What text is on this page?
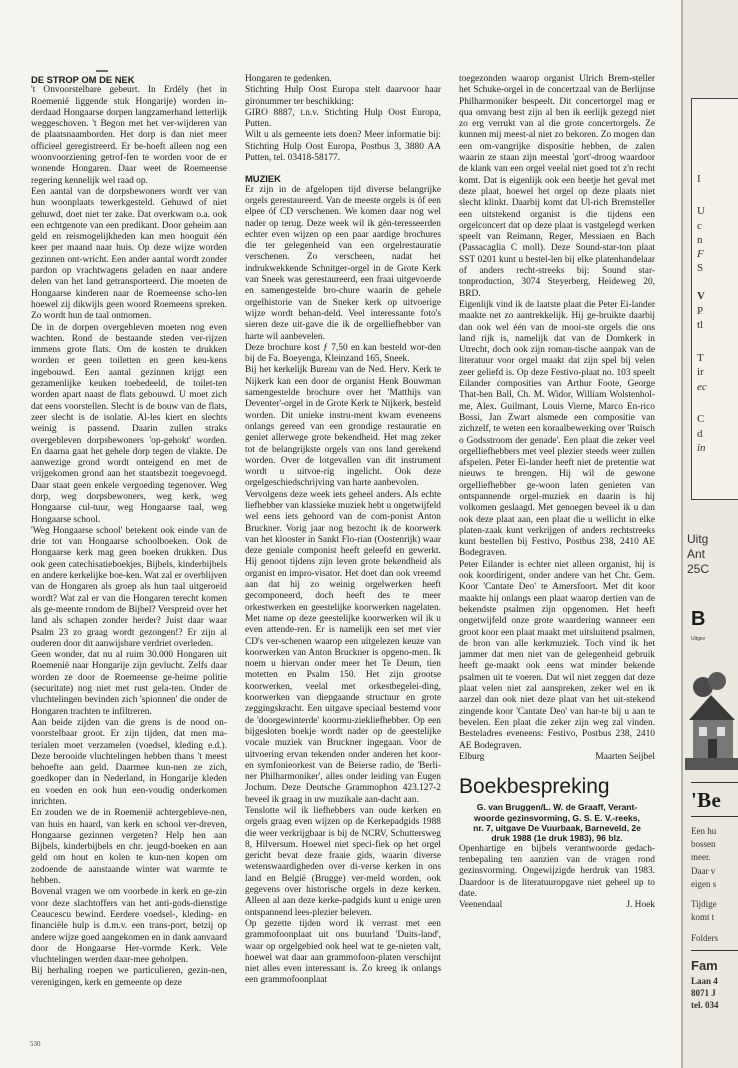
DE STROP OM DE NEK

't Onvoorstelbare gebeurt. In Erdély (het in Roemenië liggende stuk Hongarije) worden in-derdaad Hongaarse dorpen langzamerhand letterlijk weggeschoven. 't Begon met het ver-wijderen van de plaatsnaamborden. Het dorp is dan niet meer officieel geregistreerd. Er be-hoeft alleen nog een woonvoorziening getrof-fen te worden voor de er wonende Hongaren. Daar weet de Roemeense regering kennelijk wel raad op.

Een aantal van de dorpsbewoners wordt ver van hun woonplaats tewerkgesteld. Gehuwd of niet gehuwd, doet niet ter zake. Dat overkwam o.a. ook een echtgenote van een predikant. Door geheim aan geld en reismogelijkheden kan men hooguit één keer per maand naar huis. Op deze wijze worden gezinnen ont-wricht. Een ander aantal wordt zonder pardon op vrachtwagens geladen en naar andere delen van het land getransporteerd. Die moeten de Hongaarse kinderen naar de Roemeense scho-len hoewel zij dikwijls geen woord Roemeens spreken. Zo wordt hun de taal ontnomen.

De in de dorpen overgebleven moeten nog even wachten. Rond de bestaande steden ver-rijzen immens grote flats. Om de kosten te drukken worden er geen toiletten en geen keu-kens ingebouwd. Een aantal gezinnen krijgt een gezamenlijke keuken toebedeeld, de toilet-ten worden apart naast de flats gebouwd. U moet zich dat eens voorstellen. Slecht is de bouw van de flats, zeer slecht is de isolatie. Al-les kiert en slechts weinig is passend. Daarin zullen straks overgebleven dorpsbewoners 'op-gehokt' worden. En daarna gaat het gehele dorp tegen de vlakte. De aanwezige grond wordt onteigend en met de vrijgekomen grond aan het staatsbezit toegevoegd. Daar staat geen enkele vergoeding tegenover. Weg dorp, weg dorpsbewoners, weg kerk, weg Hongaarse cul-tuur, weg Hongaarse taal, weg Hongaarse school.

'Weg Hongaarse school' betekent ook einde van de drie tot van Hongaarse schoolboeken. Ook de Hongaarse kerk mag geen boeken drukken. Dus ook geen catechisatieboekjes, Bijbels, kinderbijbels en andere kerkelijke boe-ken. Wat zal er overblijven van de Hongaren als groep als hun taal uitgeroeid wordt? Wat zal er van die Hongaren terecht komen als ge-meente rondom de Bijbel? Verspreid over het land als schapen zonder herder? Juist daar waar Psalm 23 zo graag wordt gezongen!? Er zijn al ouderen door dit aanwijsbare verdriet overleden.

Geen wonder, dat nu al ruim 30.000 Hongaren uit Roemenië naar Hongarije zijn gevlucht. Zelfs daar worden ze door de Roemeense ge-heime politie (securitate) nog niet met rust gela-ten. Onder de vluchtelingen bevinden zich 'spionnen' die onder de Hongaren trachten te infiltreren.

Aan beide zijden van die grens is de nood on-voorstelbaar groot. Er zijn tijden, dat men ma-terialen moet verzamelen (voedsel, kleding e.d.). Deze berooide vluchtelingen hebben thans 't meest behoefte aan geld. Daarmee kun-nen ze zich, goedkoper dan in Nederland, in Hongarije kleden en voeden en ook hun een-voudig onderkomen inrichten.

En zouden we de in Roemenië achtergebleve-nen, van huis en haard, van kerk en school ver-dreven, Hongaarse gezinnen vergeten? Help hen aan Bijbels, kinderbijbels en chr. jeugd-boeken en aan geld om hout en kolen te kun-nen kopen om zodoende de aanstaande winter wat warmte te hebben.

Bovenal vragen we om voorbede in kerk en ge-zin voor deze slachtoffers van het anti-gods-dienstige Ceaucescu bewind. Eerdere voedsel-, kleding- en financiële hulp is d.m.v. een trans-port, betzij op andere wijze goed aangekomen en in dank aanvaard door de Hongaarse Her-vormde Kerk. Vele vluchtelingen werden daar-mee geholpen.

Bij herhaling roepen we particulieren, gezin-nen, verenigingen, kerk en gemeente op deze

Hongaren te gedenken.

Stichting Hulp Oost Europa stelt daarvoor haar gironummer ter beschikking:

GIRO 8887, t.n.v. Stichting Hulp Oost Europa, Putten.

Wilt u als gemeente iets doen? Meer informatie bij: Stichting Hulp Oost Europa, Postbus 3, 3880 AA Putten, tel. 03418-58177.

MUZIEK

Er zijn in de afgelopen tijd diverse belangrijke orgels gerestaureerd. Van de meeste orgels is óf een elpee óf CD verschenen. We komen daar nog wel nader op terug. Deze week wil ik gën-teresseerden echter even wijzen op een paar aardige brochures die ter gelegenheid van een orgelrestauratie verschenen. Zo verscheen, nadat het indrukwekkende Schnitger-orgel in de Grote Kerk van Sneek was gerestaureerd, een fraai uitgevoerde en samengestelde bro-chure waarin de gehele orgelhistorie van de Sneker kerk op uitvoerige wijze wordt behan-deld. Veel interessante foto's sieren deze uit-gave die ik de orgelliefhebber van harte wil aanbevelen.

Deze brochure kost ƒ 7,50 en kan besteld wor-den bij de Fa. Boeyenga, Kleinzand 165, Sneek.

Bij het kerkelijk Bureau van de Ned. Herv. Kerk te Nijkerk kan een door de organist Henk Bouwman samengestelde brochure over het 'Matthijs van Deventer'-orgel in de Grote Kerk te Nijkerk, besteld worden. Dit unieke instru-ment kwam eveneens onlangs gereed van een grondige restauratie en geniet allerwege grote bekendheid. Het mag zeker tot de belangrijkste orgels van ons land gerekend worden. Over de lotgevallen van dit instrument wordt u uitvoe-rig ingelicht. Ook deze orgelgeschiedschrijving van harte aanbevolen.

Vervolgens deze week iets geheel anders. Als echte liefhebber van klassieke muziek hebt u ongetwijfeld wel eens iets gehoord van de com-ponist Anton Bruckner. Vorig jaar nog bezocht ik de koorwerk van het klooster in Sankt Flo-rian (Oostenrijk) waar deze geniale componist heeft geleefd en gewerkt. Hij genoot tijdens zijn leven grote bekendheid als organist en impro-visator. Het doet dan ook vreemd aan dat hij zo weinig orgelwerken heeft gecomponeerd, doch heeft des te meer orkestwerken en geestelijke koorwerken nagelaten. Met name op deze geestelijke koorwerken wil ik u even attende-ren. Er is namelijk een set met vier CD's ver-schenen waarop een uitgelezen keuze van koorwerken van Anton Bruckner is opgeno-men. Ik noem u hiervan onder meer het Te Deum, tien motetten en Psalm 150. Het zijn grootse koorwerken, veelal met orkestbegelei-ding, koorwerken van diepgaande structuur en grote zeggingskracht. Een uitgave speciaal bestemd voor de 'doorgewinterde' koormu-ziekliefhebber. Op een bijgesloten boekje wordt nader op de geestelijke vocale muziek van Bruckner ingegaan. Voor de uitvoering ervan tekenden onder anderen het koor- en symfonieorkest van de Beierse radio, de 'Berli-ner Philharmoniker', alles onder leiding van Eugen Jochum. Deze Deutsche Grammophon 423.127-2 beveel ik graag in uw muzikale aan-dacht aan.

Tenslotte wil ik liefhebbers van oude kerken en orgels graag even wijzen op de Kerkepadgids 1988 die weer verkrijgbaar is bij de NCRV, Schuttersweg 8, Hilversum. Hoewel niet speci-fiek op het orgel gericht bevat deze fraaie gids, waarin diverse wetenswaardigheden over di-verse kerken in ons land en België (Brugge) ver-meld worden, ook gegevens over historische orgels in deze kerken. Alleen al aan deze kerke-padgids kunt u enige uren ontspannend lees-plezier beleven.

Op gezette tijden word ik verrast met een grammofoonplaat uit ons buurland 'Duits-land', waar op orgelgebied ook heel wat te ge-nieten valt, hoewel wat daar aan grammofoon-platen verschijnt niet alles even interessant is. Zo kreeg ik onlangs een grammofoonplaat

toegezonden waarop organist Ulrich Brem-steller het Schuke-orgel in de concertzaal van de Berlijnse Philharmoniker bespeelt. Dit concertorgel mag er qua omvang best zijn al ben ik eerlijk gezegd niet zo erg verrukt van al die grote concertorgels. Ze kunnen mij meest-al niet zo bekoren. Zo mogen dan een om-vangrijke dispositie hebben, de zalen waarin ze staan zijn meestal 'gort'-droog waardoor de klank van een orgel veelal niet goed tot z'n recht komt. Dat is eigenlijk ook een beetje het geval met deze plaat, hoewel het orgel op deze plaats niet slecht klinkt. Daarbij komt dat Ul-rich Bremsteller een uitstekend organist is die tijdens een orgelconcert dat op deze plaat is vastgelegd werken speelt van Reimann, Reger, Messiaen en Bach (Passacaglia C moll). Deze Sound-star-ton plaat SST 0201 kunt u bestel-len bij elke platenhandelaar of anders recht-streeks bij: Sound star-tonproduction, 3074 Steyerberg, Heideweg 20, BRD.

Eigenlijk vind ik de laatste plaat die Peter Ei-lander maakte net zo aantrekkelijk. Hij ge-bruikte daarbij dan ook wel één van de mooi-ste orgels die ons land rijk is, namelijk dat van de Domkerk in Utrecht, doch ook zijn roman-tische aanpak van de literatuur voor orgel maakt dat zijn spel bij velen zeer geliefd is. Op deze Festivo-plaat no. 103 speelt Eilander composities van Arthur Foote, George That-ben Ball, Ch. M. Widor, William Wolstenhol-me, Alex. Guilmant, Louis Vierne, Marco En-rico Bossi, Jan Zwart alsmede een compositie van zichzelf, te weten een koraalbewerking over 'Ruisch o Godsstroom der genade'. Een plaat die zeker veel orgelliefhebbers met veel plezier steeds weer zullen afspelen. Peter Ei-lander heeft niet de pretentie wat nieuws te brengen. Hij wil de gewone orgelliefhebber ge-woon laten genieten van ontspannende orgel-muziek en daarin is hij volkomen geslaagd. Met genoegen beveel ik u dan ook deze plaat aan, een plaat die u wellicht in elke platen-zaak kunt verkrijgen of anders rechtstreeks kunt bestellen bij Festivo, Postbus 238, 2410 AE Bodegraven.

Peter Eilander is echter niet alleen organist, hij is ook koordirigent, onder andere van het Chr. Gem. Koor 'Cantate Deo' te Amersfoort. Met dit koor maakte hij onlangs een plaat waarop dertien van de bekendste psalmen zijn opgenomen. Het heeft ongetwijfeld onze grote waardering wanneer een groot koor een plaat maakt met uitsluitend psalmen, de bron van alle kerkmuziek. Toch vind ik het jammer dat men niet van de gelegenheid gebruik heeft ge-maakt ook eens wat minder bekende psalmen uit te voeren. Dat wil niet zeggen dat deze plaat velen niet zal aanspreken, zeker wel en ik aarzel dan ook niet deze plaat van het uit-stekend zingende koor 'Cantate Deo' van har-te bij u aan te bevelen. Een plaat die zeker zijn weg zal vinden. Besteladres eveneens: Festivo, Postbus 238, 2410 AE Bodegraven.

Elburg	Maarten Seijbel
Boekbespreking

G. van Bruggen/L. W. de Graaff, Verant-woorde gezinsvorming, G. S. E. V.-reeks, nr. 7, uitgave De Vuurbaak, Barneveld, 2e druk 1988 (1e druk 1983), 96 blz.

Openhartige en bijbels verantwoorde gedach-tenbepaling ten aanzien van de vragen rond gezinsvorming. Ongewijzigde herdruk van 1983. Daardoor is de literatuuropgave niet geheel up to date.

Veenendaal	J. Hoek
530
I
U
c
n
F
S
V
P
tl
T
ir
ec
C
d
in
Uitg
Ant
25C
B
Uitgev
'Be
Een hu
bossen
meer.
Daar v
eigen s
Tijdige
komt t
Folders
Fam
Laan 4
8071 J
tel. 034
